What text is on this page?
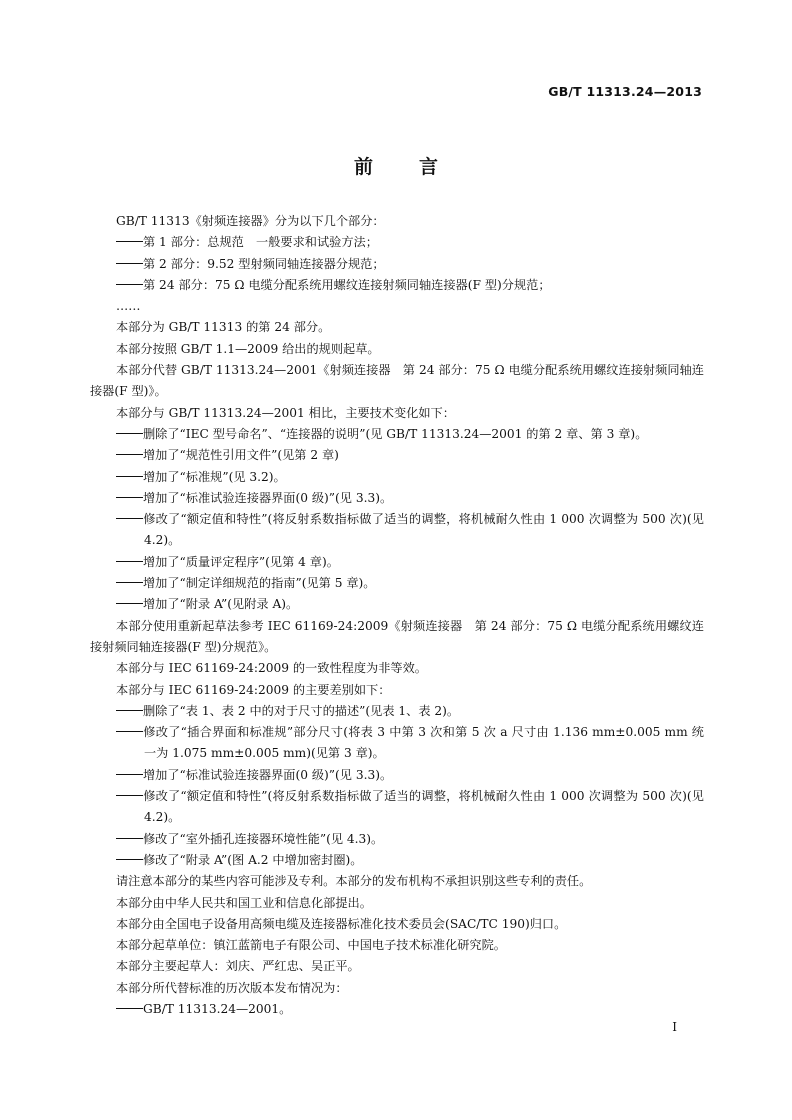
GB/T 11313.24—2013
前言

GB/T 11313《射频连接器》分为以下几个部分：

第 1 部分：总规范　一般要求和试验方法；

第 2 部分：9.52 型射频同轴连接器分规范；

第 24 部分：75 Ω 电缆分配系统用螺纹连接射频同轴连接器(F 型)分规范；

……

本部分为 GB/T 11313 的第 24 部分。

本部分按照 GB/T 1.1—2009 给出的规则起草。

本部分代替 GB/T 11313.24—2001《射频连接器　第 24 部分：75 Ω 电缆分配系统用螺纹连接射频同轴连接器(F 型)》。

本部分与 GB/T 11313.24—2001 相比，主要技术变化如下：

删除了“IEC 型号命名”、“连接器的说明”(见 GB/T 11313.24—2001 的第 2 章、第 3 章)。

增加了“规范性引用文件”(见第 2 章)

增加了“标准规”(见 3.2)。

增加了“标准试验连接器界面(0 级)”(见 3.3)。

修改了“额定值和特性”(将反射系数指标做了适当的调整，将机械耐久性由 1 000 次调整为 500 次)(见 4.2)。

增加了“质量评定程序”(见第 4 章)。

增加了“制定详细规范的指南”(见第 5 章)。

增加了“附录 A”(见附录 A)。

本部分使用重新起草法参考 IEC 61169-24:2009《射频连接器　第 24 部分：75 Ω 电缆分配系统用螺纹连接射频同轴连接器(F 型)分规范》。

本部分与 IEC 61169-24:2009 的一致性程度为非等效。

本部分与 IEC 61169-24:2009 的主要差别如下：

删除了“表 1、表 2 中的对于尺寸的描述”(见表 1、表 2)。

修改了“插合界面和标准规”部分尺寸(将表 3 中第 3 次和第 5 次 a 尺寸由 1.136 mm±0.005 mm 统一为 1.075 mm±0.005 mm)(见第 3 章)。

增加了“标准试验连接器界面(0 级)”(见 3.3)。

修改了“额定值和特性”(将反射系数指标做了适当的调整，将机械耐久性由 1 000 次调整为 500 次)(见 4.2)。

修改了“室外插孔连接器环境性能”(见 4.3)。

修改了“附录 A”(图 A.2 中增加密封圈)。

请注意本部分的某些内容可能涉及专利。本部分的发布机构不承担识别这些专利的责任。

本部分由中华人民共和国工业和信息化部提出。

本部分由全国电子设备用高频电缆及连接器标准化技术委员会(SAC/TC 190)归口。

本部分起草单位：镇江蓝箭电子有限公司、中国电子技术标准化研究院。

本部分主要起草人：刘庆、严红忠、吴正平。

本部分所代替标准的历次版本发布情况为：

GB/T 11313.24—2001。

I
